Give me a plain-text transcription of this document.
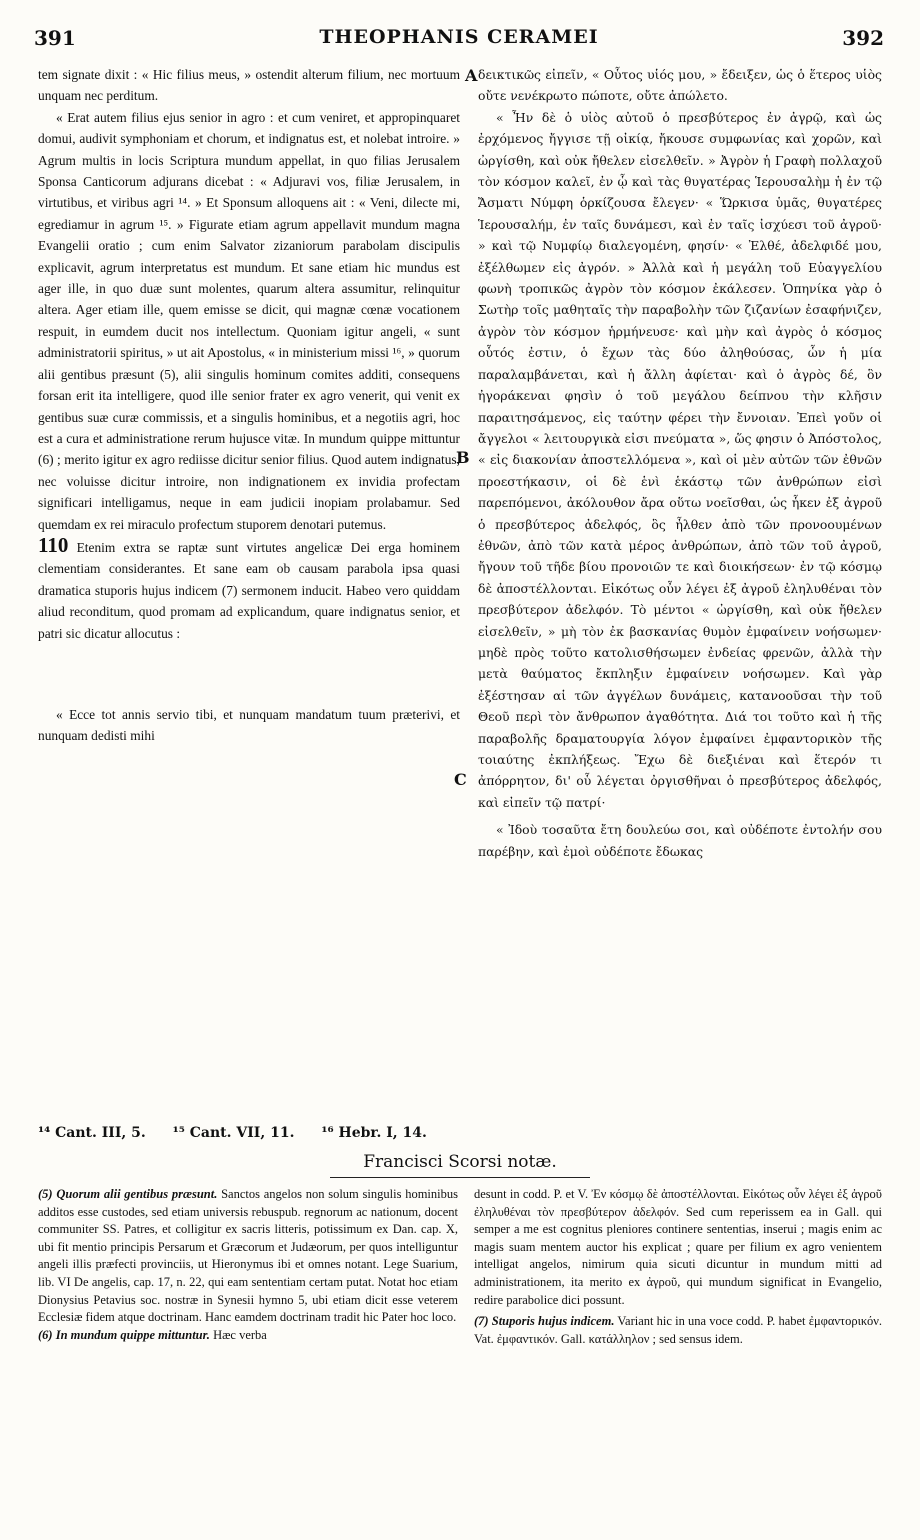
391	THEOPHANIS CERAMEI	392

tem signate dixit : « Hic filius meus, » ostendit alterum filium, nec mortuum unquam nec perditum.

« Erat autem filius ejus senior in agro : et cum veniret, et appropinquaret domui, audivit symphoniam et chorum, et indignatus est, et nolebat introire. » Agrum multis in locis Scriptura mundum appellat, in quo filias Jerusalem Sponsa Canticorum adjurans dicebat : « Adjuravi vos, filiæ Jerusalem, in virtutibus, et viribus agri ¹⁴. » Et Sponsum alloquens ait : « Veni, dilecte mi, egrediamur in agrum ¹⁵. » Figurate etiam agrum appellavit mundum magna Evangelii oratio ; cum enim Salvator zizaniorum parabolam discipulis explicavit, agrum interpretatus est mundum. Et sane etiam hic mundus est ager ille, in quo duæ sunt molentes, quarum altera assumitur, relinquitur altera. Ager etiam ille, quem emisse se dicit, qui magnæ cœnæ vocationem respuit, in eumdem ducit nos intellectum. Quoniam igitur angeli, « sunt administratorii spiritus, » ut ait Apostolus, « in ministerium missi ¹⁶, » quorum alii gentibus præsunt (5), alii singulis hominum comites additi, consequens forsan erit ita intelligere, quod ille senior frater ex agro venerit, qui venit ex gentibus suæ curæ commissis, et a singulis hominibus, et a negotiis agri, hoc est a cura et administratione rerum hujusce vitæ. In mundum quippe mittuntur (6) ; merito igitur ex agro rediisse dicitur senior filius. Quod autem indignatus, nec voluisse dicitur introire, non indignationem ex invidia profectam significari intelligamus, neque in eam judicii inopiam prolabamur. Sed quemdam ex rei miraculo profectum stuporem denotari putemus.

110 Etenim extra se raptæ sunt virtutes angelicæ Dei erga hominem clementiam considerantes. Et sane eam ob causam parabola ipsa quasi dramatica stuporis hujus indicem (7) sermonem inducit. Habeo vero quiddam aliud reconditum, quod promam ad explicandum, quare indignatus senior, et patri sic dicatur allocutus :

« Ecce tot annis servio tibi, et nunquam mandatum tuum præterivi, et nunquam dedisti mihi

A
B
C

δεικτικῶς εἰπεῖν, « Οὗτος υἱός μου, » ἔδειξεν, ὡς ὁ ἕτερος υἱὸς οὔτε νενέκρωτο πώποτε, οὔτε ἀπώλετο.

« Ἦν δὲ ὁ υἱὸς αὐτοῦ ὁ πρεσβύτερος ἐν ἀγρῷ, καὶ ὡς ἐρχόμενος ἤγγισε τῇ οἰκίᾳ, ἤκουσε συμφωνίας καὶ χορῶν, καὶ ὠργίσθη, καὶ οὐκ ἤθελεν εἰσελθεῖν. » Ἀγρὸν ἡ Γραφὴ πολλαχοῦ τὸν κόσμον καλεῖ, ἐν ᾧ καὶ τὰς θυγατέρας Ἱερουσαλὴμ ἡ ἐν τῷ Ἄσματι Νύμφη ὁρκίζουσα ἔλεγεν· « Ὥρκισα ὑμᾶς, θυγατέρες Ἱερουσαλήμ, ἐν ταῖς δυνάμεσι, καὶ ἐν ταῖς ἰσχύεσι τοῦ ἀγροῦ· » καὶ τῷ Νυμφίῳ διαλεγομένη, φησίν· « Ἐλθέ, ἀδελφιδέ μου, ἐξέλθωμεν εἰς ἀγρόν. » Ἀλλὰ καὶ ἡ μεγάλη τοῦ Εὐαγγελίου φωνὴ τροπικῶς ἀγρὸν τὸν κόσμον ἐκάλεσεν. Ὁπηνίκα γὰρ ὁ Σωτὴρ τοῖς μαθηταῖς τὴν παραβολὴν τῶν ζιζανίων ἐσαφήνιζεν, ἀγρὸν τὸν κόσμον ἡρμήνευσε· καὶ μὴν καὶ ἀγρὸς ὁ κόσμος οὗτός ἐστιν, ὁ ἔχων τὰς δύο ἀληθούσας, ὧν ἡ μία παραλαμβάνεται, καὶ ἡ ἄλλη ἀφίεται· καὶ ὁ ἀγρὸς δέ, ὃν ἠγοράκεναι φησὶν ὁ τοῦ μεγάλου δείπνου τὴν κλῆσιν παραιτησάμενος, εἰς ταύτην φέρει τὴν ἔννοιαν. Ἐπεὶ γοῦν οἱ ἄγγελοι « λειτουργικὰ εἰσι πνεύματα », ὥς φησιν ὁ Ἀπόστολος, « εἰς διακονίαν ἀποστελλόμενα », καὶ οἱ μὲν αὐτῶν τῶν ἐθνῶν προεστήκασιν, οἱ δὲ ἑνὶ ἑκάστῳ τῶν ἀνθρώπων εἰσὶ παρεπόμενοι, ἀκόλουθον ἄρα οὕτω νοεῖσθαι, ὡς ἧκεν ἐξ ἀγροῦ ὁ πρεσβύτερος ἀδελφός, ὃς ἦλθεν ἀπὸ τῶν προνοουμένων ἐθνῶν, ἀπὸ τῶν κατὰ μέρος ἀνθρώπων, ἀπὸ τῶν τοῦ ἀγροῦ, ἤγουν τοῦ τῆδε βίου προνοιῶν τε καὶ διοικήσεων· ἐν τῷ κόσμῳ δὲ ἀποστέλλονται. Εἰκότως οὖν λέγει ἐξ ἀγροῦ ἐληλυθέναι τὸν πρεσβύτερον ἀδελφόν. Τὸ μέντοι « ὠργίσθη, καὶ οὐκ ἤθελεν εἰσελθεῖν, » μὴ τὸν ἐκ βασκανίας θυμὸν ἐμφαίνειν νοήσωμεν· μηδὲ πρὸς τοῦτο κατολισθήσωμεν ἐνδείας φρενῶν, ἀλλὰ τὴν μετὰ θαύματος ἔκπληξιν ἐμφαίνειν νοήσωμεν. Καὶ γὰρ ἐξέστησαν αἱ τῶν ἀγγέλων δυνάμεις, κατανοοῦσαι τὴν τοῦ Θεοῦ περὶ τὸν ἄνθρωπον ἀγαθότητα. Διά τοι τοῦτο καὶ ἡ τῆς παραβολῆς δραματουργία λόγον ἐμφαίνει ἐμφαντορικὸν τῆς τοιαύτης ἐκπλήξεως. Ἔχω δὲ διεξιέναι καὶ ἕτερόν τι ἀπόρρητον, δι' οὗ λέγεται ὀργισθῆναι ὁ πρεσβύτερος ἀδελφός, καὶ εἰπεῖν τῷ πατρί·

« Ἰδοὺ τοσαῦτα ἔτη δουλεύω σοι, καὶ οὐδέποτε ἐντολήν σου παρέβην, καὶ ἐμοὶ οὐδέποτε ἔδωκας

¹⁴ Cant. III, 5. ¹⁵ Cant. VII, 11. ¹⁶ Hebr. I, 14.
Francisci Scorsi notæ.

(5) Quorum alii gentibus præsunt. Sanctos angelos non solum singulis hominibus additos esse custodes, sed etiam universis rebuspub. regnorum ac nationum, docent communiter SS. Patres, et colligitur ex sacris litteris, potissimum ex Dan. cap. X, ubi fit mentio principis Persarum et Græcorum et Judæorum, per quos intelliguntur angeli illis præfecti provinciis, ut Hieronymus ibi et omnes notant. Lege Suarium, lib. VI De angelis, cap. 17, n. 22, qui eam sententiam certam putat. Notat hoc etiam Dionysius Petavius soc. nostræ in Synesii hymno 5, ubi etiam dicit esse veterem Ecclesiæ fidem atque doctrinam. Hanc eamdem doctrinam tradit hic Pater hoc loco.

(6) In mundum quippe mittuntur. Hæc verba

desunt in codd. P. et V. Ἐν κόσμῳ δὲ ἀποστέλλονται. Εἰκότως οὖν λέγει ἐξ ἀγροῦ ἐληλυθέναι τὸν πρεσβύτερον ἀδελφόν. Sed cum reperissem ea in Gall. qui semper a me est cognitus pleniores continere sententias, inserui ; magis enim ac magis suam mentem auctor his explicat ; quare per filium ex agro venientem intelligat angelos, nimirum quia sicuti dicuntur in mundum mitti ad administrationem, ita merito ex ἀγροῦ, qui mundum significat in Evangelio, redire parabolice dici possunt.

(7) Stuporis hujus indicem. Variant hic in una voce codd. P. habet ἐμφαντορικόν. Vat. ἐμφαντικόν. Gall. κατάλληλον ; sed sensus idem.
